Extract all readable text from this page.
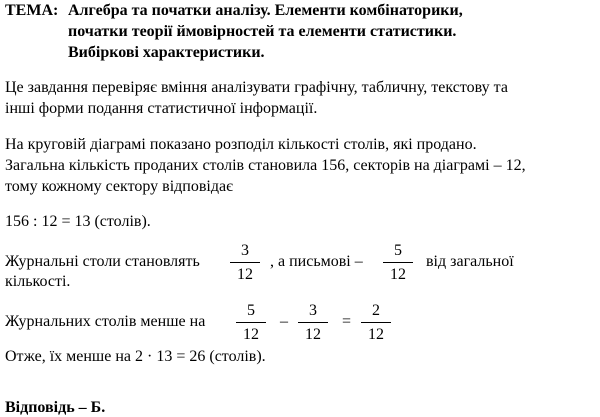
ТЕМА: Алгебра та початки аналізу. Елементи комбінаторики,
початки теорії ймовірностей та елементи статистики.
Вибіркові характеристики.
Це завдання перевіряє вміння аналізувати графічну, табличну, текстову та
інші форми подання статистичної інформації.
На круговій діаграмі показано розподіл кількості столів, які продано.
Загальна кількість проданих столів становила 156, секторів на діаграмі – 12,
тому кожному сектору відповідає
156 : 12 = 13 (столів).
Журнальні столи становлять
3
12
, а письмові –
5
12
від загальної
кількості.
Журнальних столів менше на
5
12
–
3
12
=
2
12
Отже, їх менше на 2 · 13 = 26 (столів).
Відповідь – Б.
